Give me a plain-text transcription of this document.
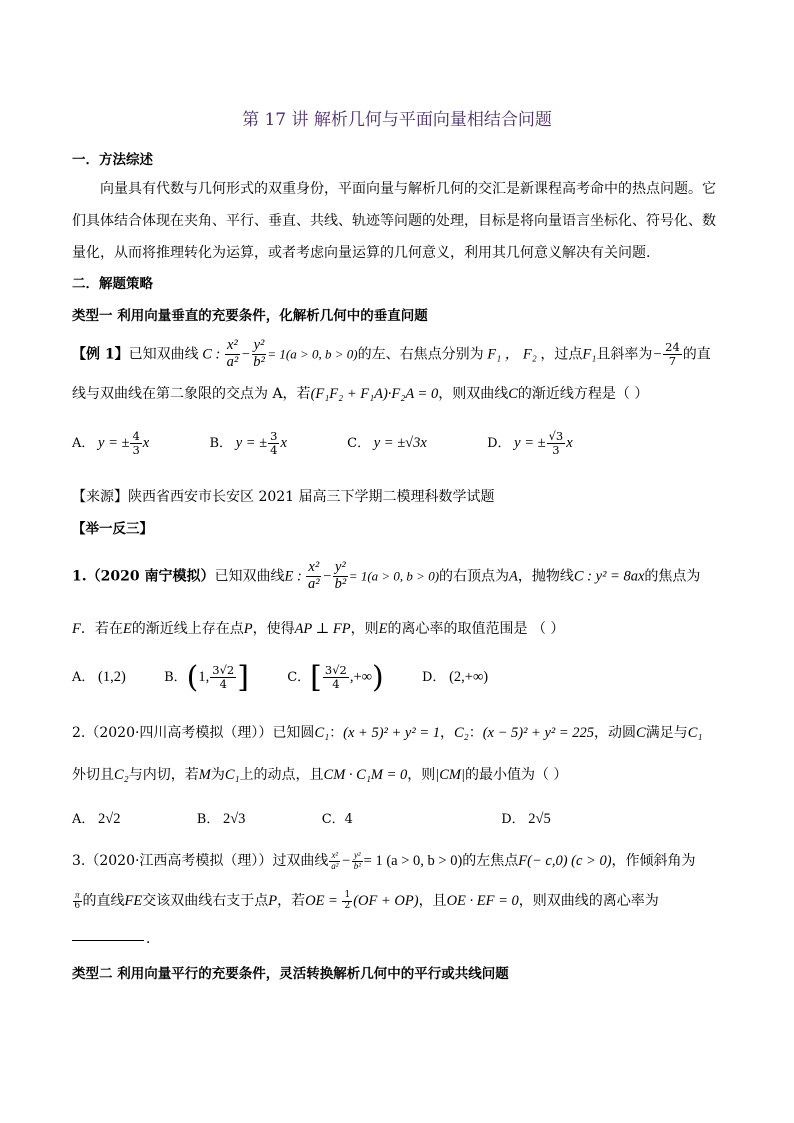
第 17 讲 解析几何与平面向量相结合问题
一．方法综述
向量具有代数与几何形式的双重身份，平面向量与解析几何的交汇是新课程高考命中的热点问题。它
们具体结合体现在夹角、平行、垂直、共线、轨迹等问题的处理，目标是将向量语言坐标化、符号化、数
量化，从而将推理转化为运算，或者考虑向量运算的几何意义，利用其几何意义解决有关问题.
二．解题策略
类型一 利用向量垂直的充要条件，化解析几何中的垂直问题
【例 1】已知双曲线 C : $\frac{\text{x²}}{\text{a²}} - \frac{\text{y²}}{\text{b²}} = 1(a > 0$, b > 0)的左、右焦点分别为 F₁ ， F₂ ，过点F₁且斜率为− $\frac{24}{7}$ 的直
线与双曲线在第二象限的交点为 A，若(F₁F₂ + F₁A)·F₂A = 0，则双曲线C的渐近线方程是（ ）
A． y = ± $\frac{4}{3}$ x	B． y = ± $\frac{3}{4}$ x	C． y = ±√3x	D． y = ± $\frac{√3}{3}$ x
【来源】陕西省西安市长安区 2021 届高三下学期二模理科数学试题
【举一反三】
1.（2020 南宁模拟）已知双曲线E : $\frac{\text{x²}}{\text{a²}} - \frac{\text{y²}}{\text{b²}} = 1(a > 0$, b > 0)的右顶点为A，抛物线C : y² = 8ax的焦点为
F．若在E的渐近线上存在点P，使得AP ⊥ FP，则E的离心率的取值范围是 （ ）
A． (1,2)	B．(1, $\frac{3√2}{4}$ ]	C．[ $\frac{3√2}{4}$ ,+∞)	D． (2,+∞)
2.（2020·四川高考模拟（理））已知圆C₁：(x + 5)² + y² = 1，C₂：(x − 5)² + y² = 225，动圆C满足与C₁
外切且C₂与内切，若M为C₁上的动点，且CM · C₁M = 0，则|CM|的最小值为（ ）
A． 2√2	B． 2√3	C．4	D． 2√5
3.（2020·江西高考模拟（理））过双曲线 $\frac{\text{x²}}{\text{a²}} - \frac{\text{y²}}{\text{b²}} = 1$ (a > 0, b > 0)的左焦点F(− c,0) (c > 0)，作倾斜角为
$\frac{\pi}{6}$ 的直线FE交该双曲线右支于点P，若OE = $\frac{1}{2} (OF + OP)$，且OE · EF = 0，则双曲线的离心率为
．
类型二 利用向量平行的充要条件，灵活转换解析几何中的平行或共线问题
